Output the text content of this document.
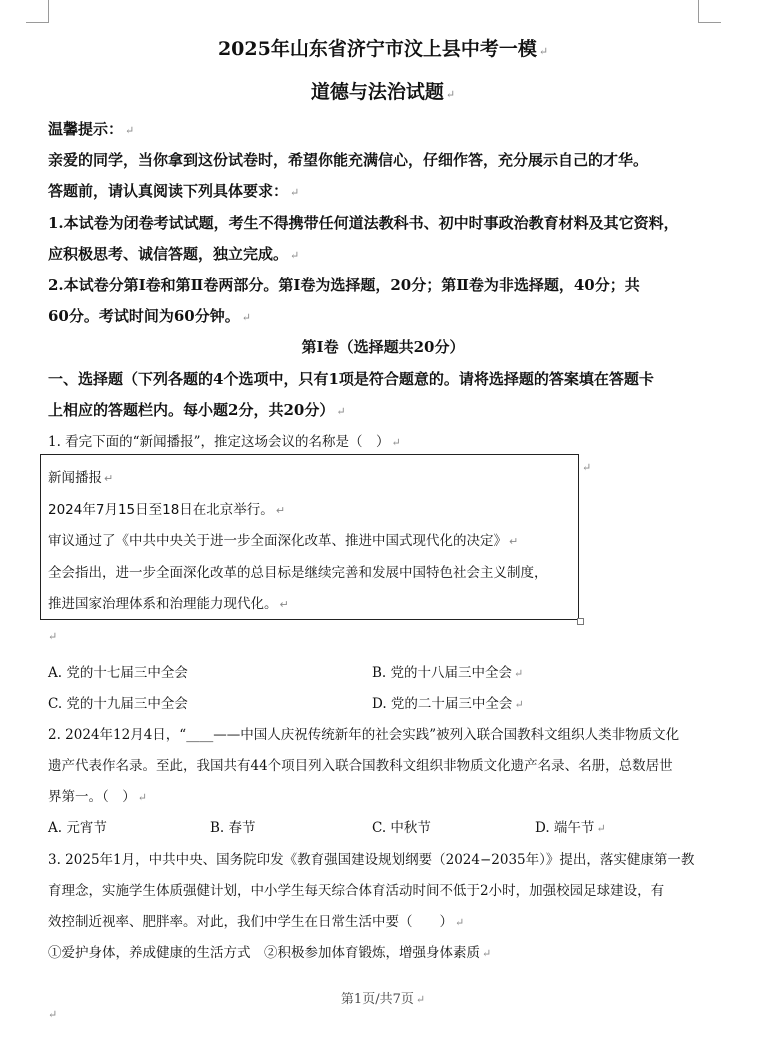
2025年山东省济宁市汶上县中考一模 ↵
道德与法治试题 ↵
温馨提示： ↵
亲爱的同学，当你拿到这份试卷时，希望你能充满信心，仔细作答，充分展示自己的才华。
答题前，请认真阅读下列具体要求： ↵
1.本试卷为闭卷考试试题，考生不得携带任何道法教科书、初中时事政治教育材料及其它资料，
应积极思考、诚信答题，独立完成。 ↵
2.本试卷分第Ⅰ卷和第Ⅱ卷两部分。第Ⅰ卷为选择题，20分；第Ⅱ卷为非选择题，40分；共
60分。考试时间为60分钟。 ↵
第Ⅰ卷（选择题共20分）
一、选择题（下列各题的4个选项中，只有1项是符合题意的。请将选择题的答案填在答题卡
上相应的答题栏内。每小题2分，共20分） ↵
1. 看完下面的“新闻播报”，推定这场会议的名称是（　） ↵
新闻播报 ↵
2024年7月15日至18日在北京举行。 ↵
审议通过了《中共中央关于进一步全面深化改革、推进中国式现代化的决定》 ↵
全会指出，进一步全面深化改革的总目标是继续完善和发展中国特色社会主义制度，
推进国家治理体系和治理能力现代化。 ↵
↵
↵
A. 党的十七届三中全会	B. 党的十八届三中全会 ↵
C. 党的十九届三中全会	D. 党的二十届三中全会 ↵
2. 2024年12月4日，“____——中国人庆祝传统新年的社会实践”被列入联合国教科文组织人类非物质文化
遗产代表作名录。至此，我国共有44个项目列入联合国教科文组织非物质文化遗产名录、名册，总数居世
界第一。（　） ↵
A. 元宵节	B. 春节	C. 中秋节	D. 端午节 ↵
3. 2025年1月，中共中央、国务院印发《教育强国建设规划纲要（2024−2035年）》提出，落实健康第一教
育理念，实施学生体质强健计划，中小学生每天综合体育活动时间不低于2小时，加强校园足球建设，有
效控制近视率、肥胖率。对此，我们中学生在日常生活中要（　　） ↵
①爱护身体，养成健康的生活方式　②积极参加体育锻炼，增强身体素质 ↵
第1页/共7页 ↵
↵
